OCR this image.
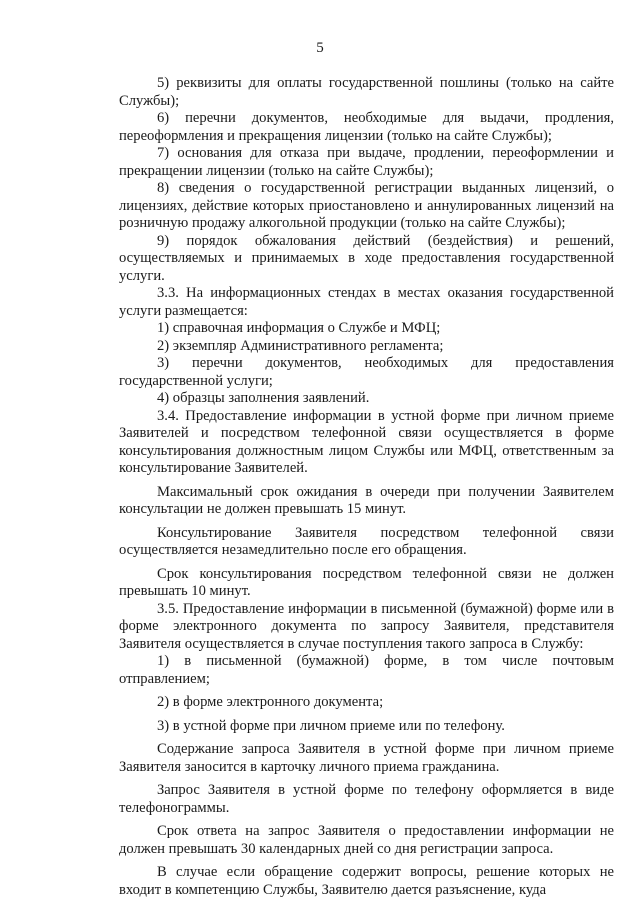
5

5) реквизиты для оплаты государственной пошлины (только на сайте Службы);

6) перечни документов, необходимые для выдачи, продления, переоформления и прекращения лицензии (только на сайте Службы);

7) основания для отказа при выдаче, продлении, переоформлении и прекращении лицензии (только на сайте Службы);

8) сведения о государственной регистрации выданных лицензий, о лицензиях, действие которых приостановлено и аннулированных лицензий на розничную продажу алкогольной продукции (только на сайте Службы);

9) порядок обжалования действий (бездействия) и решений, осуществляемых и принимаемых в ходе предоставления государственной услуги.

3.3. На информационных стендах в местах оказания государственной услуги размещается:

1) справочная информация о Службе и МФЦ;

2) экземпляр Административного регламента;

3) перечни документов, необходимых для предоставления государственной услуги;

4) образцы заполнения заявлений.

3.4. Предоставление информации в устной форме при личном приеме Заявителей и посредством телефонной связи осуществляется в форме консультирования должностным лицом Службы или МФЦ, ответственным за консультирование Заявителей.

Максимальный срок ожидания в очереди при получении Заявителем консультации не должен превышать 15 минут.

Консультирование Заявителя посредством телефонной связи осуществляется незамедлительно после его обращения.

Срок консультирования посредством телефонной связи не должен превышать 10 минут.

3.5. Предоставление информации в письменной (бумажной) форме или в форме электронного документа по запросу Заявителя, представителя Заявителя осуществляется в случае поступления такого запроса в Службу:

1) в письменной (бумажной) форме, в том числе почтовым отправлением;

2) в форме электронного документа;

3) в устной форме при личном приеме или по телефону.

Содержание запроса Заявителя в устной форме при личном приеме Заявителя заносится в карточку личного приема гражданина.

Запрос Заявителя в устной форме по телефону оформляется в виде телефонограммы.

Срок ответа на запрос Заявителя о предоставлении информации не должен превышать 30 календарных дней со дня регистрации запроса.

В случае если обращение содержит вопросы, решение которых не входит в компетенцию Службы, Заявителю дается разъяснение, куда
